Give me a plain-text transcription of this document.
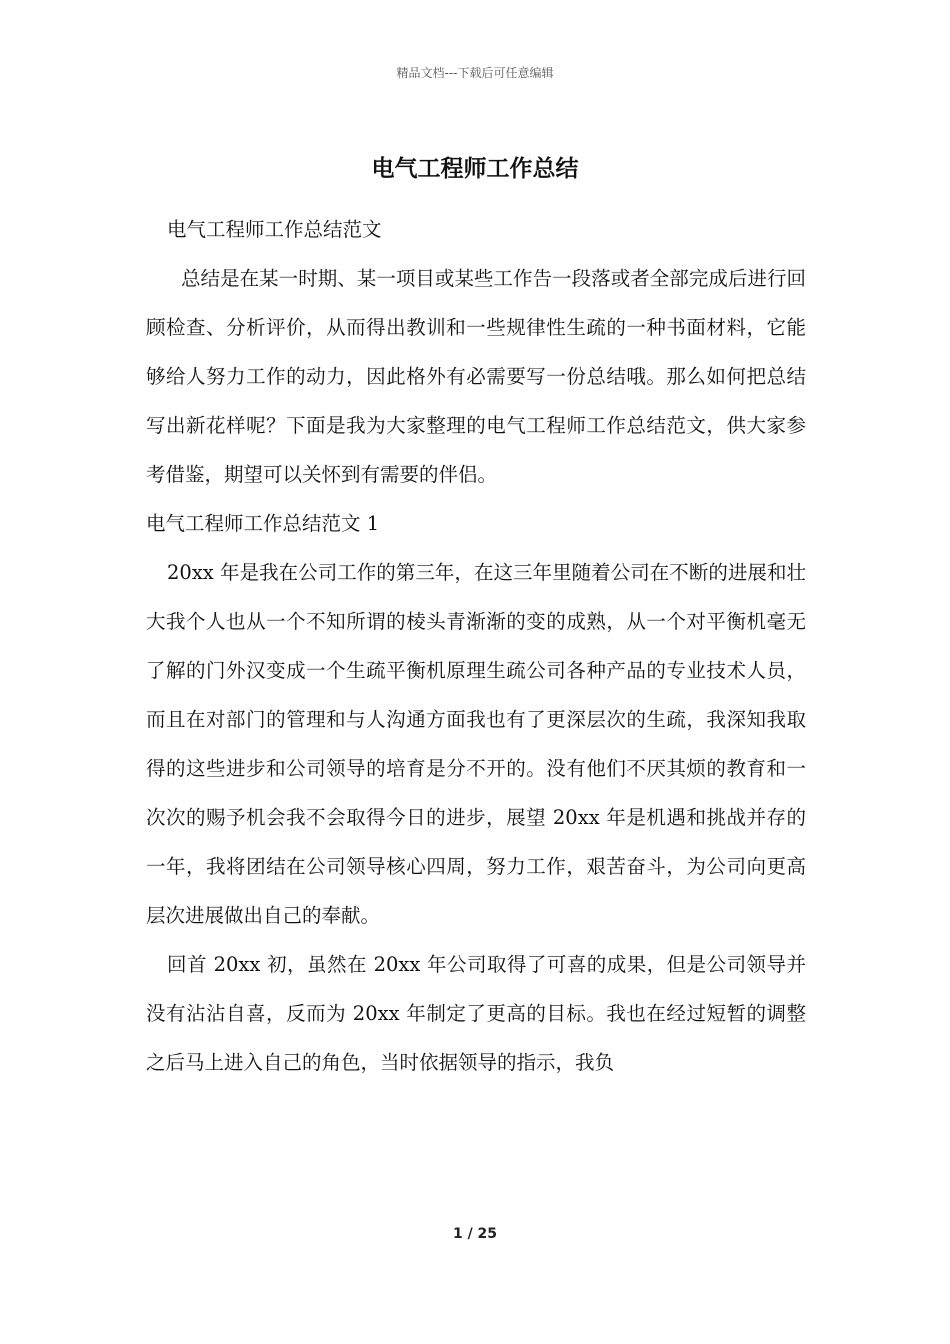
精品文档---下载后可任意编辑
电气工程师工作总结

电气工程师工作总结范文

总结是在某一时期、某一项目或某些工作告一段落或者全部完成后进行回顾检查、分析评价，从而得出教训和一些规律性生疏的一种书面材料，它能够给人努力工作的动力，因此格外有必需要写一份总结哦。那么如何把总结写出新花样呢？下面是我为大家整理的电气工程师工作总结范文，供大家参考借鉴，期望可以关怀到有需要的伴侣。

电气工程师工作总结范文 1

20xx 年是我在公司工作的第三年，在这三年里随着公司在不断的进展和壮大我个人也从一个不知所谓的棱头青渐渐的变的成熟，从一个对平衡机毫无了解的门外汉变成一个生疏平衡机原理生疏公司各种产品的专业技术人员，而且在对部门的管理和与人沟通方面我也有了更深层次的生疏，我深知我取得的这些进步和公司领导的培育是分不开的。没有他们不厌其烦的教育和一次次的赐予机会我不会取得今日的进步，展望 20xx 年是机遇和挑战并存的一年，我将团结在公司领导核心四周，努力工作，艰苦奋斗，为公司向更高层次进展做出自己的奉献。

回首 20xx 初，虽然在 20xx 年公司取得了可喜的成果，但是公司领导并没有沾沾自喜，反而为 20xx 年制定了更高的目标。我也在经过短暂的调整之后马上进入自己的角色，当时依据领导的指示，我负

1 / 25
